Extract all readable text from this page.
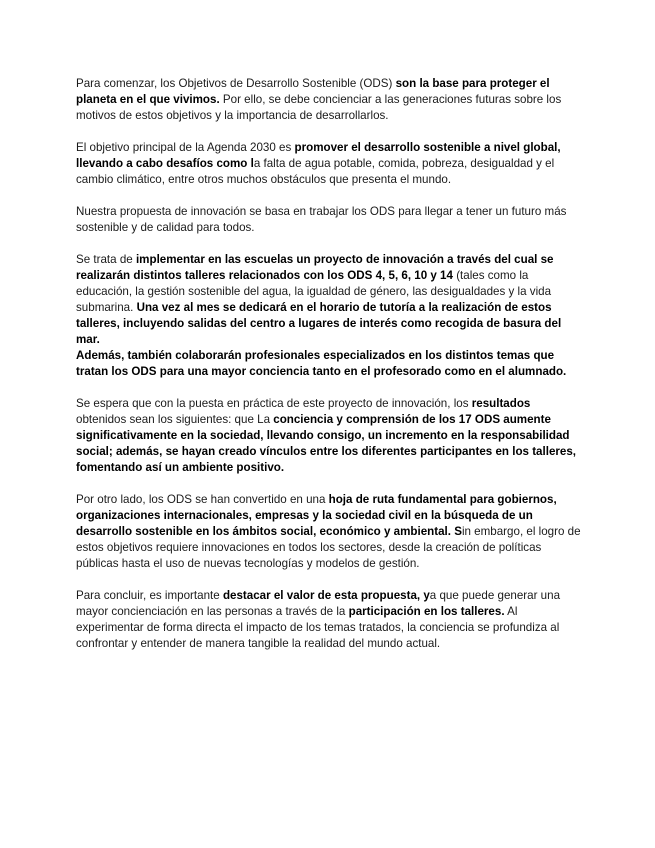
Para comenzar, los Objetivos de Desarrollo Sostenible (ODS) son la base para proteger el planeta en el que vivimos. Por ello, se debe concienciar a las generaciones futuras sobre los motivos de estos objetivos y la importancia de desarrollarlos.

El objetivo principal de la Agenda 2030 es promover el desarrollo sostenible a nivel global, llevando a cabo desafíos como la falta de agua potable, comida, pobreza, desigualdad y el cambio climático, entre otros muchos obstáculos que presenta el mundo.

Nuestra propuesta de innovación se basa en trabajar los ODS para llegar a tener un futuro más sostenible y de calidad para todos.

Se trata de implementar en las escuelas un proyecto de innovación a través del cual se realizarán distintos talleres relacionados con los ODS 4, 5, 6, 10 y 14 (tales como la educación, la gestión sostenible del agua, la igualdad de género, las desigualdades y la vida submarina. Una vez al mes se dedicará en el horario de tutoría a la realización de estos talleres, incluyendo salidas del centro a lugares de interés como recogida de basura del mar.
Además, también colaborarán profesionales especializados en los distintos temas que tratan los ODS para una mayor conciencia tanto en el profesorado como en el alumnado.

Se espera que con la puesta en práctica de este proyecto de innovación, los resultados obtenidos sean los siguientes: que La conciencia y comprensión de los 17 ODS aumente significativamente en la sociedad, llevando consigo, un incremento en la responsabilidad social; además, se hayan creado vínculos entre los diferentes participantes en los talleres, fomentando así un ambiente positivo.

Por otro lado, los ODS se han convertido en una hoja de ruta fundamental para gobiernos, organizaciones internacionales, empresas y la sociedad civil en la búsqueda de un desarrollo sostenible en los ámbitos social, económico y ambiental. Sin embargo, el logro de estos objetivos requiere innovaciones en todos los sectores, desde la creación de políticas públicas hasta el uso de nuevas tecnologías y modelos de gestión.

Para concluir, es importante destacar el valor de esta propuesta, ya que puede generar una mayor concienciación en las personas a través de la participación en los talleres. Al experimentar de forma directa el impacto de los temas tratados, la conciencia se profundiza al confrontar y entender de manera tangible la realidad del mundo actual.
